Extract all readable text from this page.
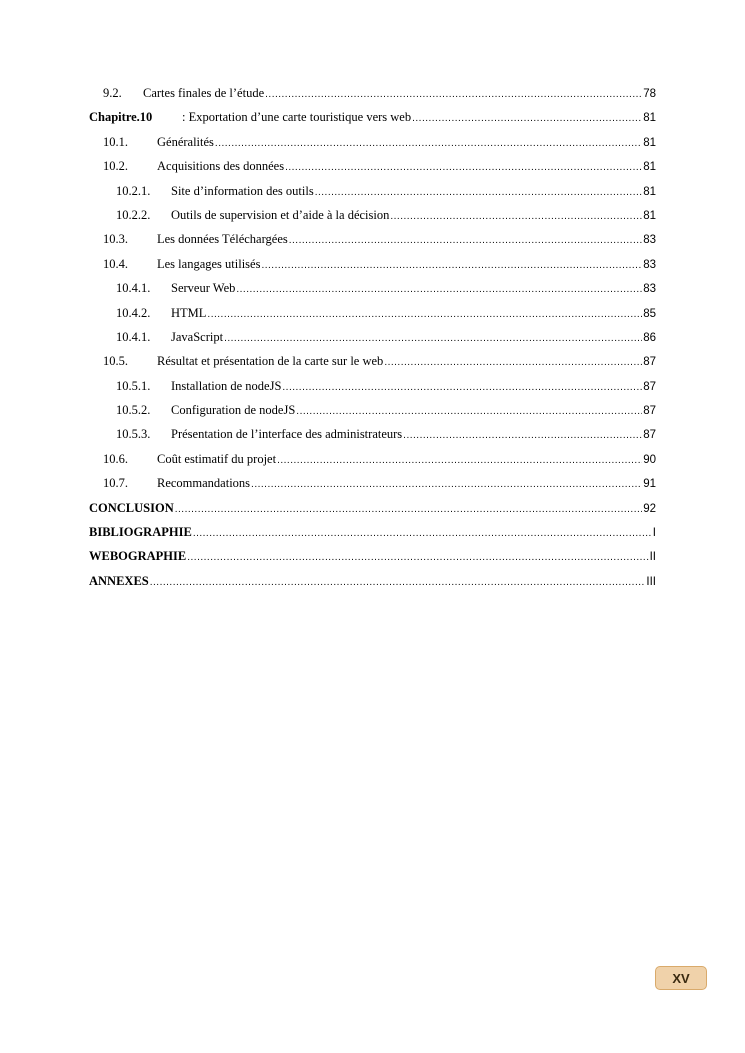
9.2.	Cartes finales de l’étude .....	78
Chapitre.10	: Exportation d’une carte touristique vers web .....	81
10.1.	Généralités .....	81
10.2.	Acquisitions des données .....	81
10.2.1.	Site d’information des outils .....	81
10.2.2.	Outils de supervision et d’aide à la décision .....	81
10.3.	Les données Téléchargées .....	83
10.4.	Les langages utilisés .....	83
10.4.1.	Serveur Web .....	83
10.4.2.	HTML .....	85
10.4.1.	JavaScript .....	86
10.5.	Résultat et présentation de la carte sur le web .....	87
10.5.1.	Installation de nodeJS .....	87
10.5.2.	Configuration de nodeJS .....	87
10.5.3.	Présentation de l’interface des administrateurs .....	87
10.6.	Coût estimatif du projet .....	90
10.7.	Recommandations .....	91
CONCLUSION .....	92
BIBLIOGRAPHIE .....	I
WEBOGRAPHIE .....	II
ANNEXES .....	III
XV
